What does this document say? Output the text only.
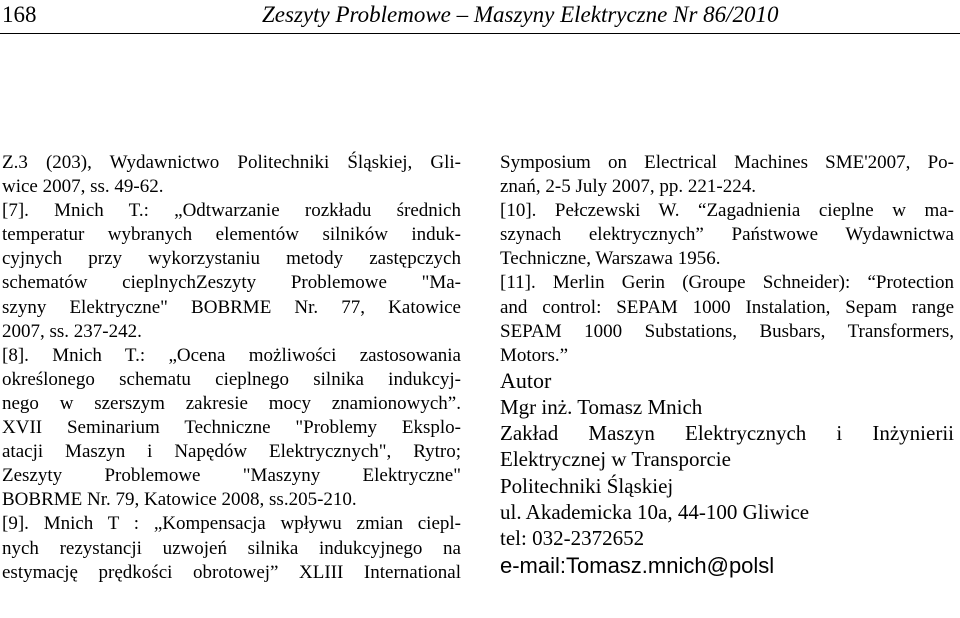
168	Zeszyty Problemowe – Maszyny Elektryczne Nr 86/2010

Z.3 (203), Wydawnictwo Politechniki Śląskiej, Gli-

wice 2007, ss. 49-62.

[7]. Mnich T.: „Odtwarzanie rozkładu średnich

temperatur wybranych elementów silników induk-

cyjnych przy wykorzystaniu metody zastępczych

schematów cieplnychZeszyty Problemowe "Ma-

szyny Elektryczne" BOBRME Nr. 77, Katowice

2007, ss. 237-242.

[8]. Mnich T.: „Ocena możliwości zastosowania

określonego schematu cieplnego silnika indukcyj-

nego w szerszym zakresie mocy znamionowych”.

XVII Seminarium Techniczne "Problemy Eksplo-

atacji Maszyn i Napędów Elektrycznych", Rytro;

Zeszyty Problemowe "Maszyny Elektryczne"

BOBRME Nr. 79, Katowice 2008, ss.205-210.

[9]. Mnich T : „Kompensacja wpływu zmian ciepl-

nych rezystancji uzwojeń silnika indukcyjnego na

estymację prędkości obrotowej” XLIII International

Symposium on Electrical Machines SME'2007, Po-

znań, 2-5 July 2007, pp. 221-224.

[10]. Pełczewski W. “Zagadnienia cieplne w ma-

szynach elektrycznych” Państwowe Wydawnictwa

Techniczne, Warszawa 1956.

[11]. Merlin Gerin (Groupe Schneider): “Protection

and control: SEPAM 1000 Instalation, Sepam range

SEPAM 1000 Substations, Busbars, Transformers,

Motors.”

Autor

Mgr inż. Tomasz Mnich

Zakład Maszyn Elektrycznych i Inżynierii

Elektrycznej w Transporcie

Politechniki Śląskiej

ul. Akademicka 10a, 44-100 Gliwice

tel: 032-2372652

e-mail:Tomasz.mnich@polsl
